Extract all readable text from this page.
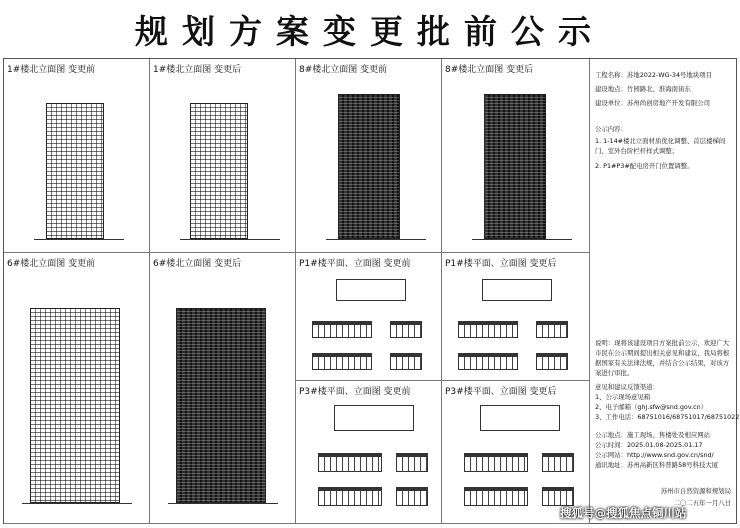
规划方案变更批前公示
1#楼北立面图 变更前	1#楼北立面图 变更后	8#楼北立面图 变更前	8#楼北立面图 变更后
6#楼北立面图 变更前	6#楼北立面图 变更后	P1#楼平面、立面图 变更前	P1#楼平面、立面图 变更后
P3#楼平面、立面图 变更前	P3#楼平面、立面图 变更后
工程名称：苏地2022-WG-34号地块项目
建设地点：竹园路北、淮海南街东
建设单位：苏州尚创房地产开发有限公司
公示内容：
1. 1-14#楼北立面材质优化调整、首层楼梯间门、室外台阶栏杆样式调整；
2. P1#P3#配电房开门位置调整。
说明：现将该建设项目方案批前公示，欢迎广大市民在公示期间提出相关意见和建议，我局将根据国家有关法律法规，并结合公示结果，对该方案进行审批。
意见和建议反馈渠道：
1、公示现场意见箱
2、电子邮箱（ghj.sfw@snd.gov.cn）
3、工作电话：68751016/68751017/68751022
公示地点：施工现场、售楼处及相应网站
公示时间：2025.01.08-2025.01.17
公示网站：http://www.snd.gov.cn/snd/
通讯地址：苏州高新区科普路58号科技大厦
苏州市自然资源和规划局
二〇二五年一月八日
搜狐号@搜狐焦点铜川站
